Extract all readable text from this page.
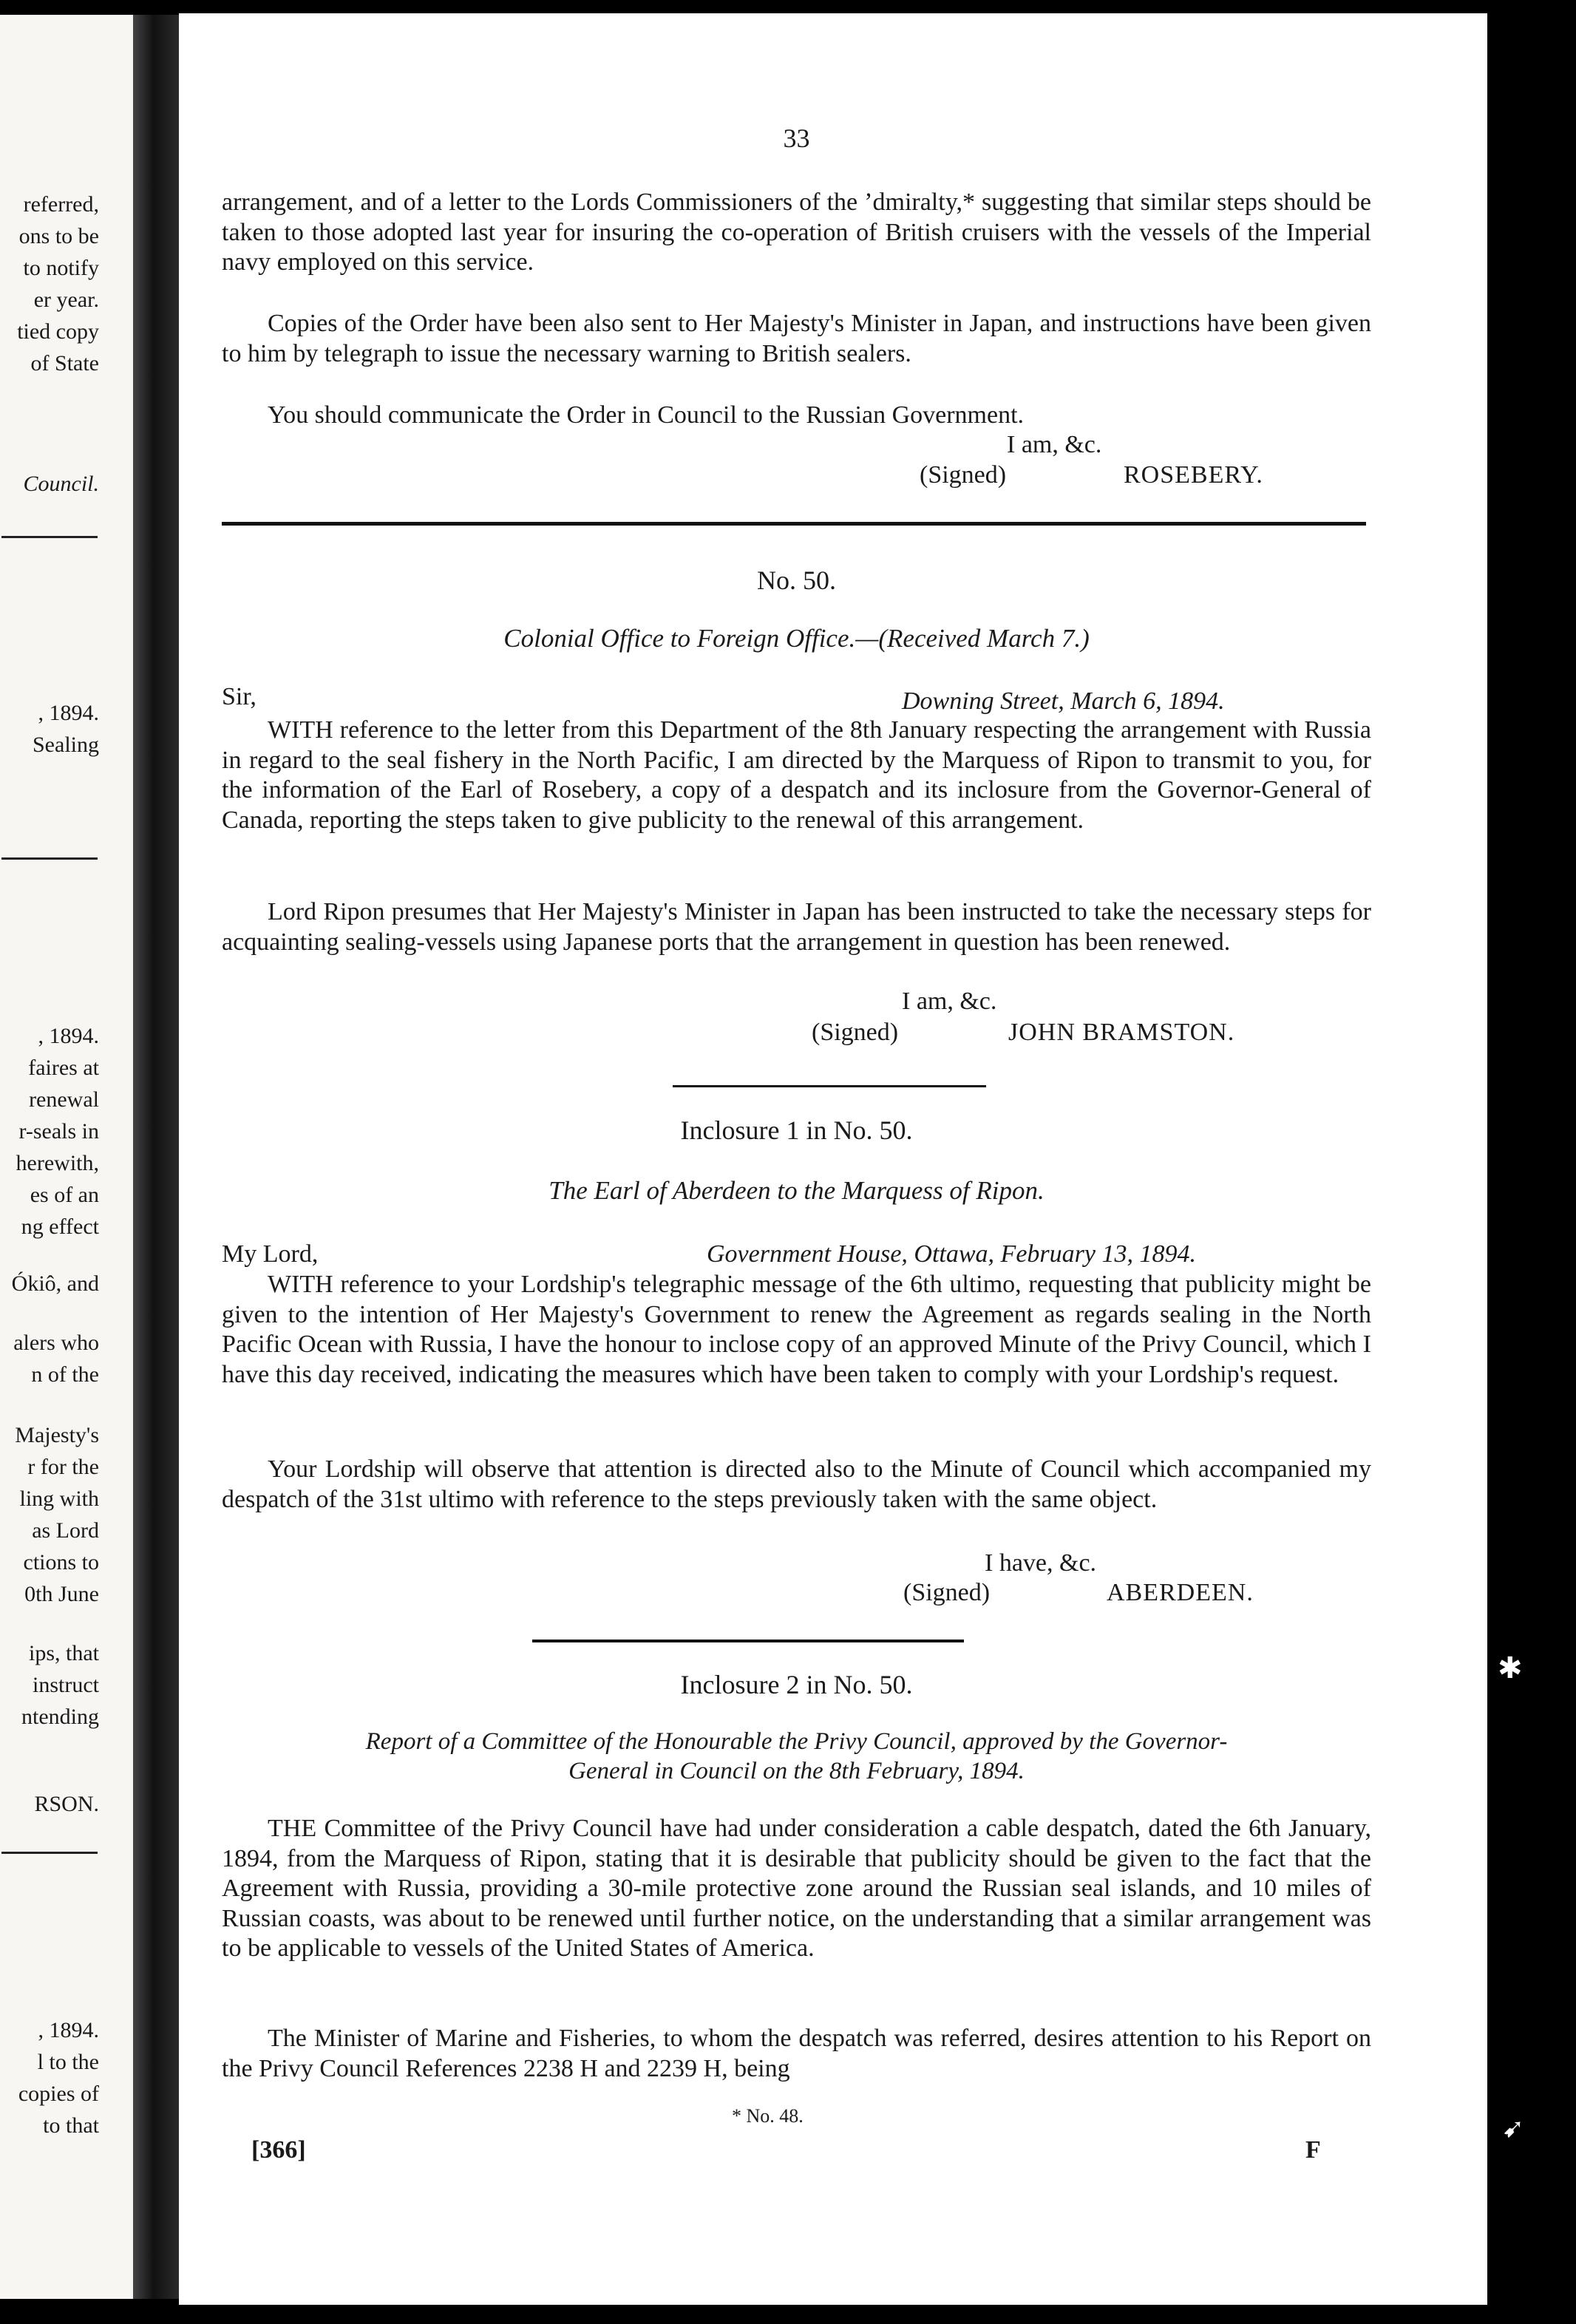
referred,
ons to be
to notify
er year.
tied copy
of State
Council.
, 1894.
Sealing
, 1894.
faires at
renewal
r-seals in
herewith,
es of an
ng effect
Ókiô, and
alers who
n of the
Majesty's
r for the
ling with
as Lord
ctions to
0th June
ips, that
instruct
ntending
RSON.
, 1894.
l to the
copies of
to that
33

arrangement, and of a letter to the Lords Commissioners of the ʼdmiralty,* suggesting that similar steps should be taken to those adopted last year for insuring the co-operation of British cruisers with the vessels of the Imperial navy employed on this service.

Copies of the Order have been also sent to Her Majesty's Minister in Japan, and instructions have been given to him by telegraph to issue the necessary warning to British sealers.

You should communicate the Order in Council to the Russian Government.

I am, &c.
(Signed)	ROSEBERY.
No. 50.
Colonial Office to Foreign Office.—(Received March 7.)
Sir,	Downing Street, March 6, 1894.

WITH reference to the letter from this Department of the 8th January respecting the arrangement with Russia in regard to the seal fishery in the North Pacific, I am directed by the Marquess of Ripon to transmit to you, for the information of the Earl of Rosebery, a copy of a despatch and its inclosure from the Governor-General of Canada, reporting the steps taken to give publicity to the renewal of this arrangement.

Lord Ripon presumes that Her Majesty's Minister in Japan has been instructed to take the necessary steps for acquainting sealing-vessels using Japanese ports that the arrangement in question has been renewed.

I am, &c.
(Signed)	JOHN BRAMSTON.
Inclosure 1 in No. 50.
The Earl of Aberdeen to the Marquess of Ripon.
My Lord,	Government House, Ottawa, February 13, 1894.

WITH reference to your Lordship's telegraphic message of the 6th ultimo, requesting that publicity might be given to the intention of Her Majesty's Government to renew the Agreement as regards sealing in the North Pacific Ocean with Russia, I have the honour to inclose copy of an approved Minute of the Privy Council, which I have this day received, indicating the measures which have been taken to comply with your Lordship's request.

Your Lordship will observe that attention is directed also to the Minute of Council which accompanied my despatch of the 31st ultimo with reference to the steps previously taken with the same object.

I have, &c.
(Signed)	ABERDEEN.
Inclosure 2 in No. 50.
Report of a Committee of the Honourable the Privy Council, approved by the Governor-
General in Council on the 8th February, 1894.

THE Committee of the Privy Council have had under consideration a cable despatch, dated the 6th January, 1894, from the Marquess of Ripon, stating that it is desirable that publicity should be given to the fact that the Agreement with Russia, providing a 30-mile protective zone around the Russian seal islands, and 10 miles of Russian coasts, was about to be renewed until further notice, on the understanding that a similar arrangement was to be applicable to vessels of the United States of America.

The Minister of Marine and Fisheries, to whom the despatch was referred, desires attention to his Report on the Privy Council References 2238 H and 2239 H, being

* No. 48.
[366]	F
✱
➹
